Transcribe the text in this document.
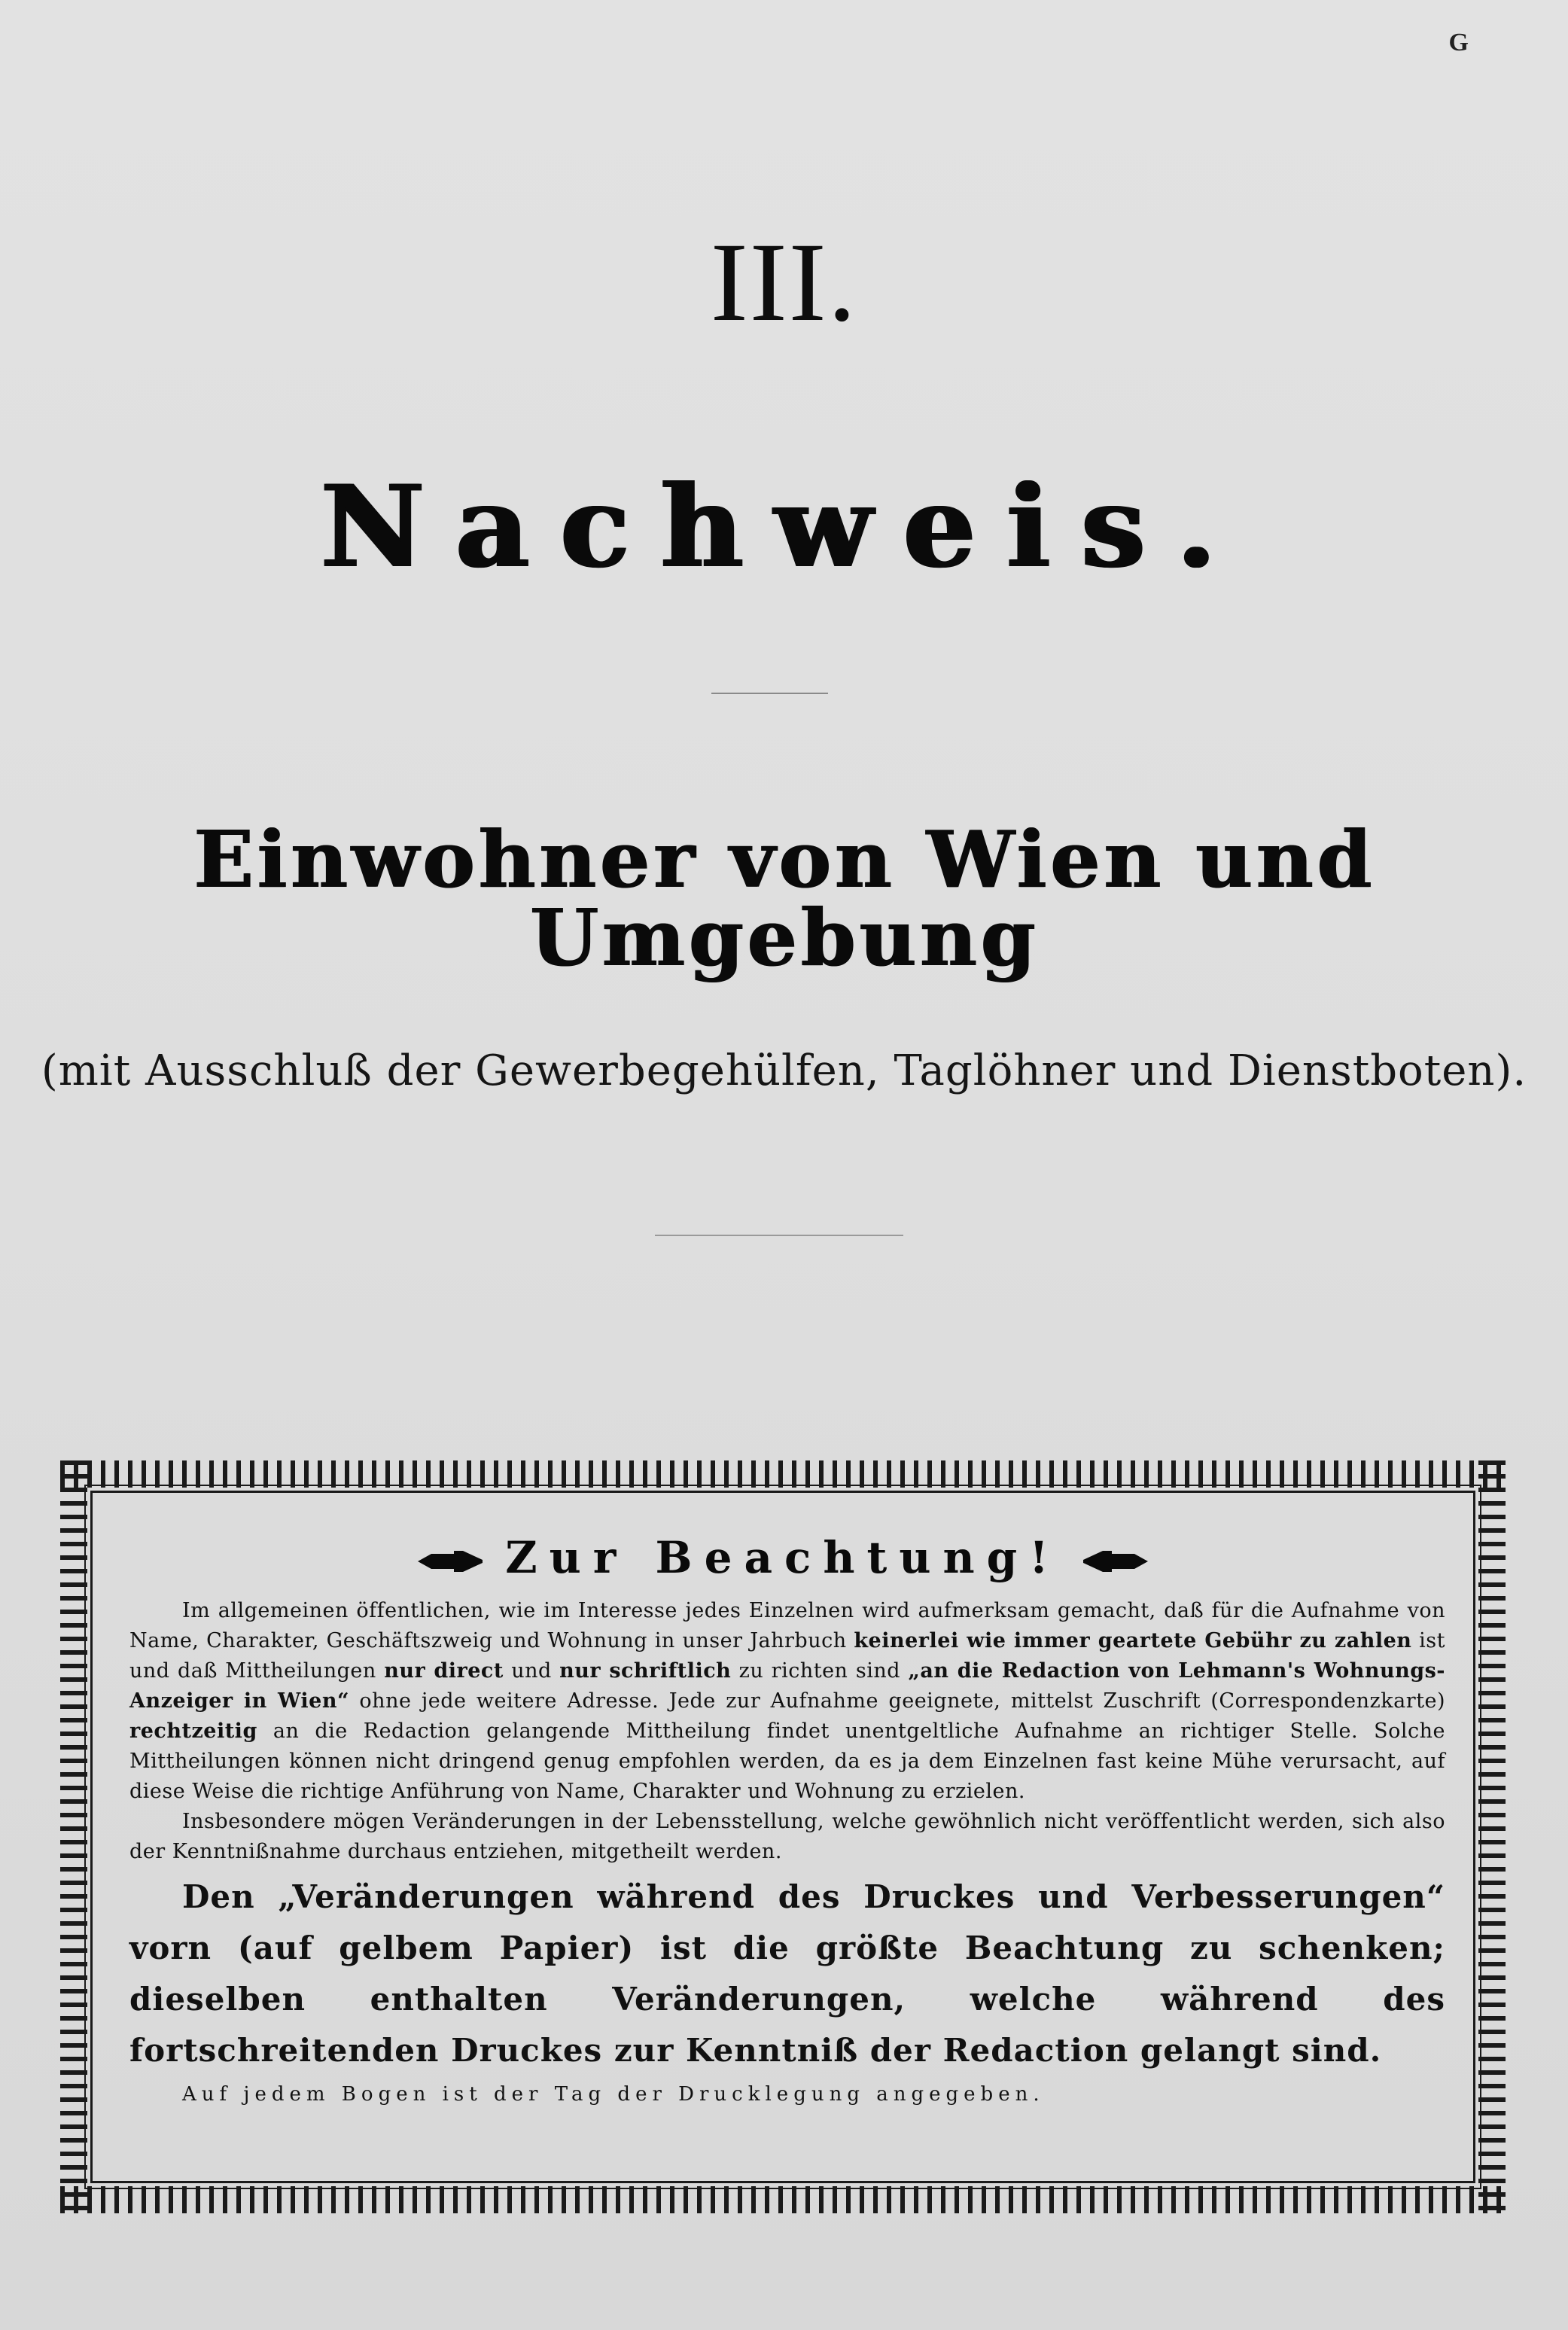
G
III.
Nachweis.
Einwohner von Wien und Umgebung
(mit Ausschluß der Gewerbegehülfen, Taglöhner und Dienstboten).
Zur Beachtung!

Im allgemeinen öffentlichen, wie im Interesse jedes Einzelnen wird aufmerksam gemacht, daß für die Aufnahme von Name, Charakter, Geschäftszweig und Wohnung in unser Jahrbuch keinerlei wie immer geartete Gebühr zu zahlen ist und daß Mittheilungen nur direct und nur schriftlich zu richten sind „an die Redaction von Lehmann's Wohnungs-Anzeiger in Wien“ ohne jede weitere Adresse. Jede zur Aufnahme geeignete, mittelst Zuschrift (Correspondenzkarte) rechtzeitig an die Redaction gelangende Mittheilung findet unentgeltliche Aufnahme an richtiger Stelle. Solche Mittheilungen können nicht dringend genug empfohlen werden, da es ja dem Einzelnen fast keine Mühe verursacht, auf diese Weise die richtige Anführung von Name, Charakter und Wohnung zu erzielen.

Insbesondere mögen Veränderungen in der Lebensstellung, welche gewöhnlich nicht veröffentlicht werden, sich also der Kenntnißnahme durchaus entziehen, mitgetheilt werden.

Den „Veränderungen während des Druckes und Verbesserungen“ vorn (auf gelbem Papier) ist die größte Beachtung zu schenken; dieselben enthalten Veränderungen, welche während des fortschreitenden Druckes zur Kenntniß der Redaction gelangt sind.

Auf jedem Bogen ist der Tag der Drucklegung angegeben.
